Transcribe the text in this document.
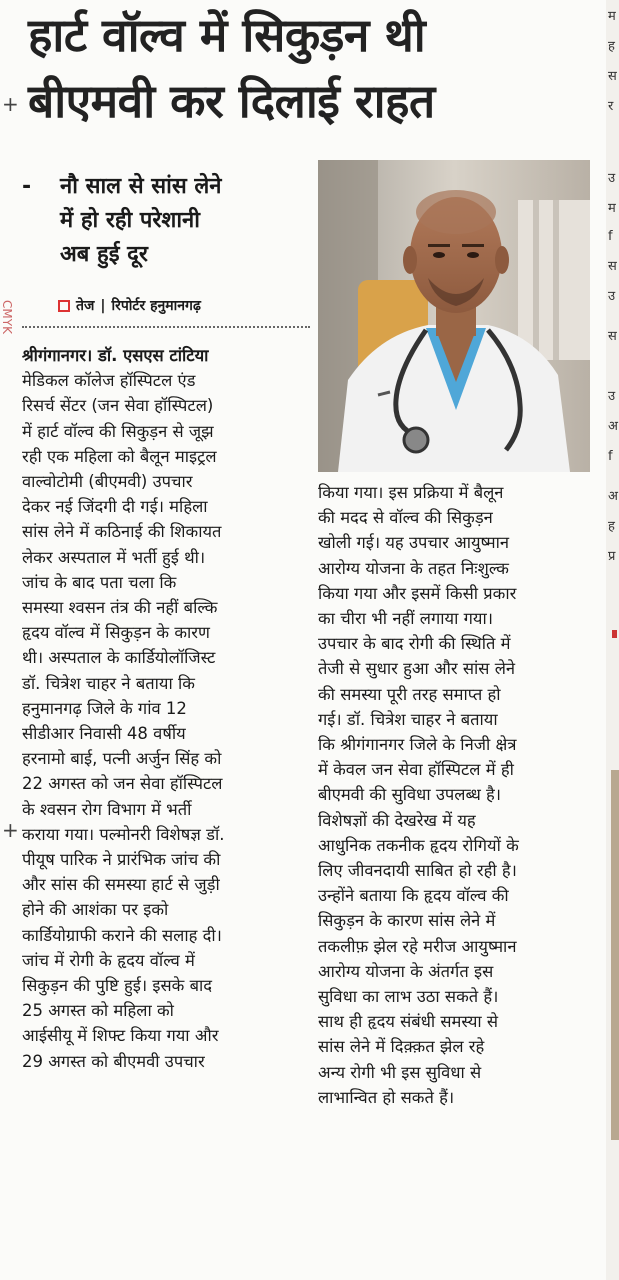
CMYK
हार्ट वॉल्व में सिकुड़न थी
बीएमवी कर दिलाई राहत
+
+
- नौ साल से सांस लेने
में हो रही परेशानी
अब हुई दूर
तेज | रिपोर्टर हनुमानगढ़
श्रीगंगानगर। डॉ. एसएस टांटिया
मेडिकल कॉलेज हॉस्पिटल एंड
रिसर्च सेंटर (जन सेवा हॉस्पिटल)
में हार्ट वॉल्व की सिकुड़न से जूझ
रही एक महिला को बैलून माइट्रल
वाल्वोटोमी (बीएमवी) उपचार
देकर नई जिंदगी दी गई। महिला
सांस लेने में कठिनाई की शिकायत
लेकर अस्पताल में भर्ती हुई थी।
जांच के बाद पता चला कि
समस्या श्वसन तंत्र की नहीं बल्कि
हृदय वॉल्व में सिकुड़न के कारण
थी। अस्पताल के कार्डियोलॉजिस्ट
डॉ. चित्रेश चाहर ने बताया कि
हनुमानगढ़ जिले के गांव 12
सीडीआर निवासी 48 वर्षीय
हरनामो बाई, पत्नी अर्जुन सिंह को
22 अगस्त को जन सेवा हॉस्पिटल
के श्वसन रोग विभाग में भर्ती
कराया गया। पल्मोनरी विशेषज्ञ डॉ.
पीयूष पारिक ने प्रारंभिक जांच की
और सांस की समस्या हार्ट से जुड़ी
होने की आशंका पर इको
कार्डियोग्राफी कराने की सलाह दी।
जांच में रोगी के हृदय वॉल्व में
सिकुड़न की पुष्टि हुई। इसके बाद
25 अगस्त को महिला को
आईसीयू में शिफ्ट किया गया और
29 अगस्त को बीएमवी उपचार
किया गया। इस प्रक्रिया में बैलून
की मदद से वॉल्व की सिकुड़न
खोली गई। यह उपचार आयुष्मान
आरोग्य योजना के तहत निःशुल्क
किया गया और इसमें किसी प्रकार
का चीरा भी नहीं लगाया गया।
उपचार के बाद रोगी की स्थिति में
तेजी से सुधार हुआ और सांस लेने
की समस्या पूरी तरह समाप्त हो
गई। डॉ. चित्रेश चाहर ने बताया
कि श्रीगंगानगर जिले के निजी क्षेत्र
में केवल जन सेवा हॉस्पिटल में ही
बीएमवी की सुविधा उपलब्ध है।
विशेषज्ञों की देखरेख में यह
आधुनिक तकनीक हृदय रोगियों के
लिए जीवनदायी साबित हो रही है।
उन्होंने बताया कि हृदय वॉल्व की
सिकुड़न के कारण सांस लेने में
तकलीफ़ झेल रहे मरीज आयुष्मान
आरोग्य योजना के अंतर्गत इस
सुविधा का लाभ उठा सकते हैं।
साथ ही हृदय संबंधी समस्या से
सांस लेने में दिक़्क़त झेल रहे
अन्य रोगी भी इस सुविधा से
लाभान्वित हो सकते हैं।
म
ह
स
र
उ
म
f
स
उ
स
उ
अ
f
अ
ह
प्र
